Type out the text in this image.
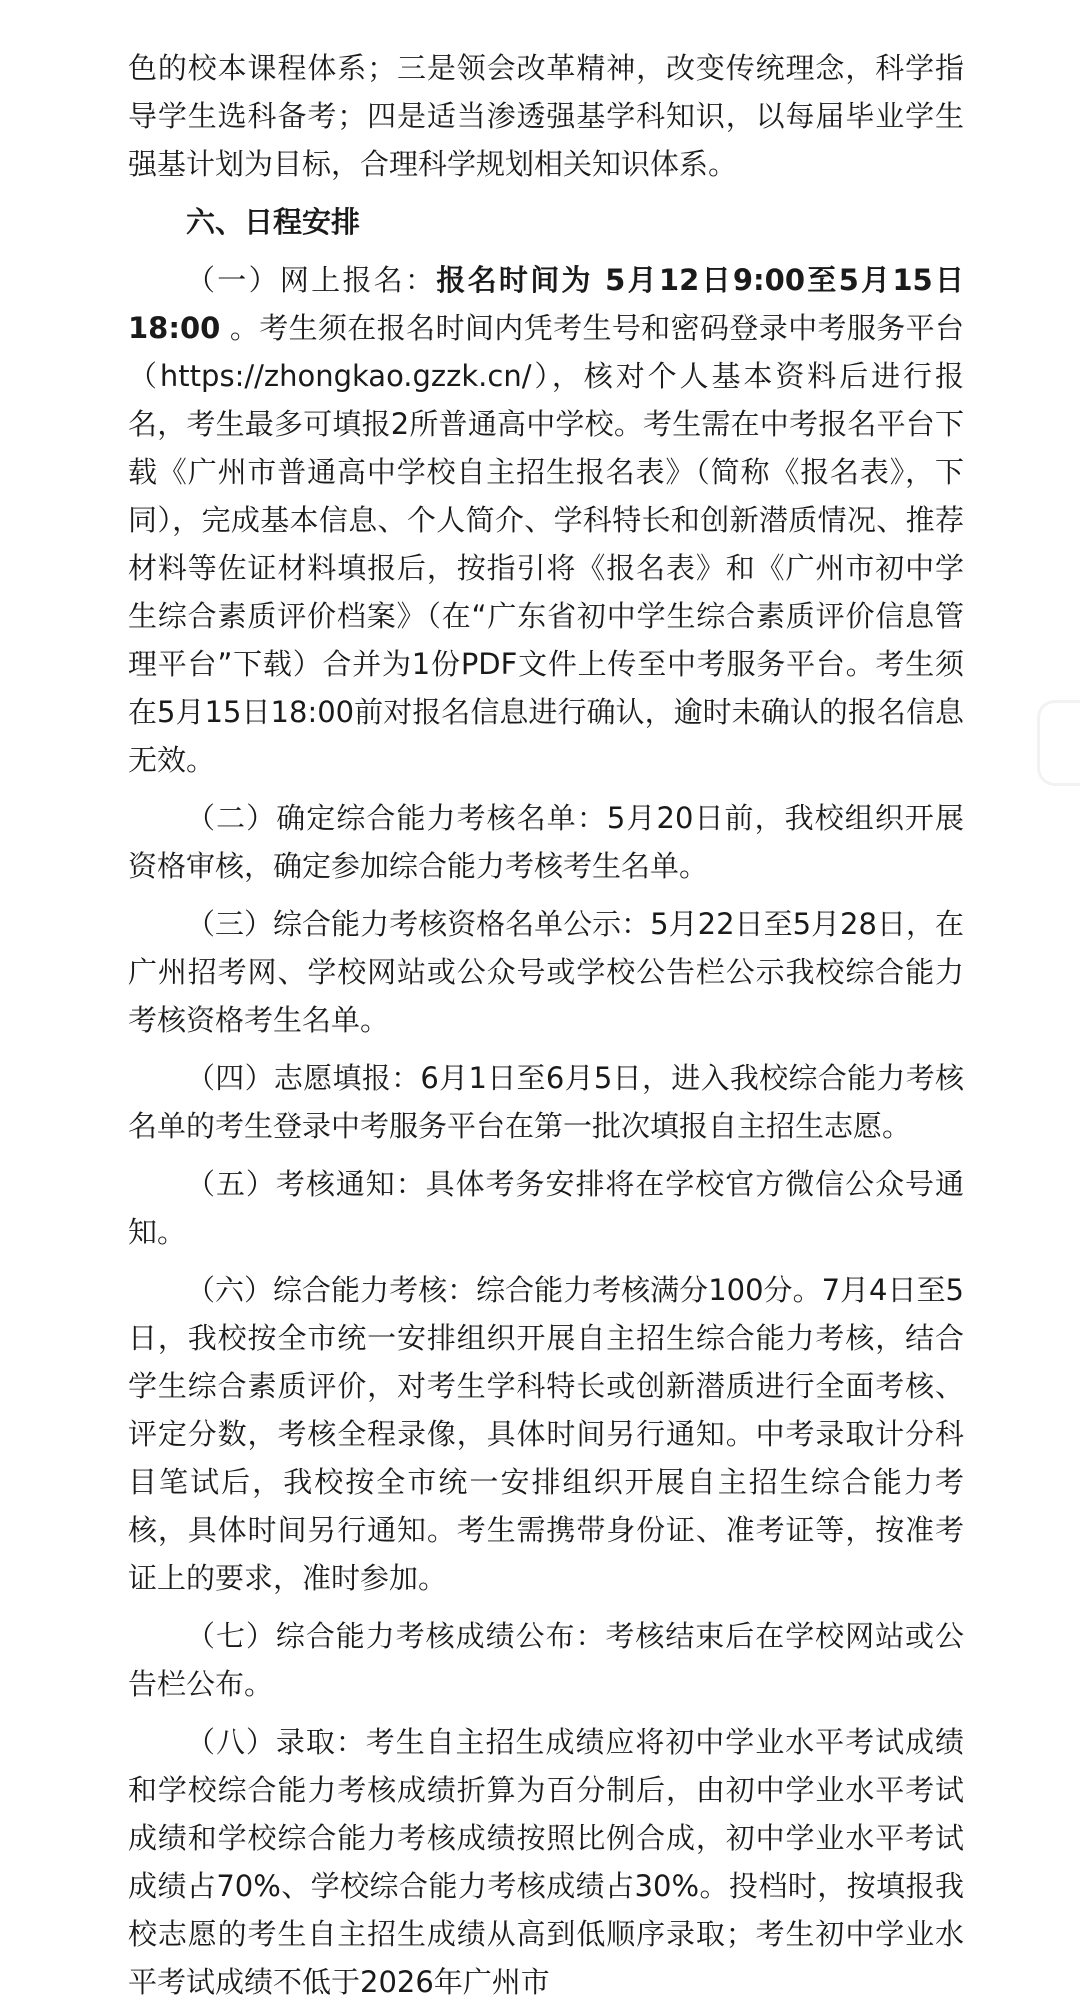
色的校本课程体系；三是领会改革精神，改变传统理念，科学指导学生选科备考；四是适当渗透强基学科知识，以每届毕业学生强基计划为目标，合理科学规划相关知识体系。

六、日程安排

（一）网上报名：报名时间为 5月12日9:00至5月15日18:00 。考生须在报名时间内凭考生号和密码登录中考服务平台（https://zhongkao.gzzk.cn/），核对个人基本资料后进行报名，考生最多可填报2所普通高中学校。考生需在中考报名平台下载《广州市普通高中学校自主招生报名表》（简称《报名表》，下同），完成基本信息、个人简介、学科特长和创新潜质情况、推荐材料等佐证材料填报后，按指引将《报名表》和《广州市初中学生综合素质评价档案》（在“广东省初中学生综合素质评价信息管理平台”下载）合并为1份PDF文件上传至中考服务平台。考生须在5月15日18:00前对报名信息进行确认，逾时未确认的报名信息无效。

（二）确定综合能力考核名单：5月20日前，我校组织开展资格审核，确定参加综合能力考核考生名单。

（三）综合能力考核资格名单公示：5月22日至5月28日，在广州招考网、学校网站或公众号或学校公告栏公示我校综合能力考核资格考生名单。

（四）志愿填报：6月1日至6月5日，进入我校综合能力考核名单的考生登录中考服务平台在第一批次填报自主招生志愿。

（五）考核通知：具体考务安排将在学校官方微信公众号通知。

（六）综合能力考核：综合能力考核满分100分。7月4日至5日，我校按全市统一安排组织开展自主招生综合能力考核，结合学生综合素质评价，对考生学科特长或创新潜质进行全面考核、评定分数，考核全程录像，具体时间另行通知。中考录取计分科目笔试后，我校按全市统一安排组织开展自主招生综合能力考核，具体时间另行通知。考生需携带身份证、准考证等，按准考证上的要求，准时参加。

（七）综合能力考核成绩公布：考核结束后在学校网站或公告栏公布。

（八）录取：考生自主招生成绩应将初中学业水平考试成绩和学校综合能力考核成绩折算为百分制后，由初中学业水平考试成绩和学校综合能力考核成绩按照比例合成，初中学业水平考试成绩占70%、学校综合能力考核成绩占30%。投档时，按填报我校志愿的考生自主招生成绩从高到低顺序录取；考生初中学业水平考试成绩不低于2026年广州市
